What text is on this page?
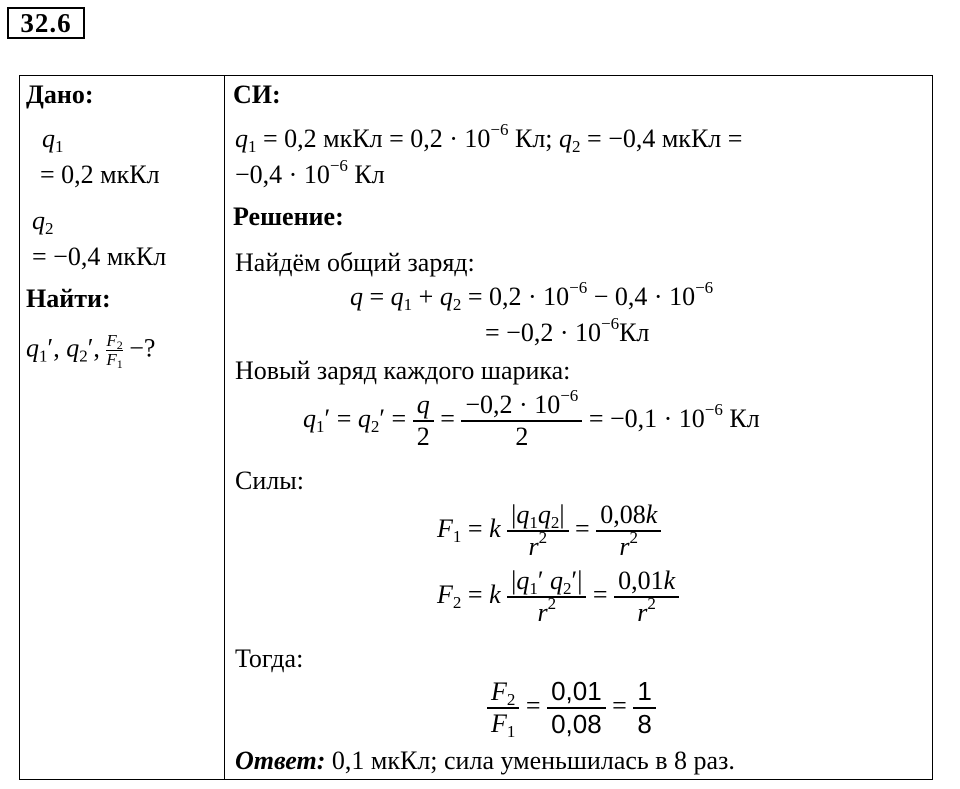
32.6
Дано:
$q_1$
= 0,2 мкКл
$q_2$
= −0,4 мкКл
Найти:
$q_1'$, $q_2'$, $\frac{F_2}{F_1}$ −?

СИ:
$q_1 = 0,2$ мкКл = $0,2 \cdot 10^{-6}$ Кл; $q_2 = -0,4$ мкКл =
$-0,4 \cdot 10^{-6}$ Кл
Решение:
Найдём общий заряд:
$q = q_1 + q_2 = 0,2 \cdot 10^{-6} - 0,4 \cdot 10^{-6}$
= $-0,2 \cdot 10^{-6}Кл$
Новый заряд каждого шарика:
$q_1' = q_2' = \frac{q}{2} = \frac{-0,2 \cdot 10^{-6}}{2} = -0,1 \cdot 10^{-6}$ Кл
Силы:
$F_1 = k \frac{|q_1q_2|}{r^2} = \frac{0,08k}{r^2}$
$F_2 = k \frac{|q_1' q_2'|}{r^2} = \frac{0,01k}{r^2}$
Тогда:
$\frac{F_2}{F_1} = \frac{0,01}{0,08} = \frac{1}{8}$
Ответ: 0,1 мкКл; сила уменьшилась в 8 раз.
